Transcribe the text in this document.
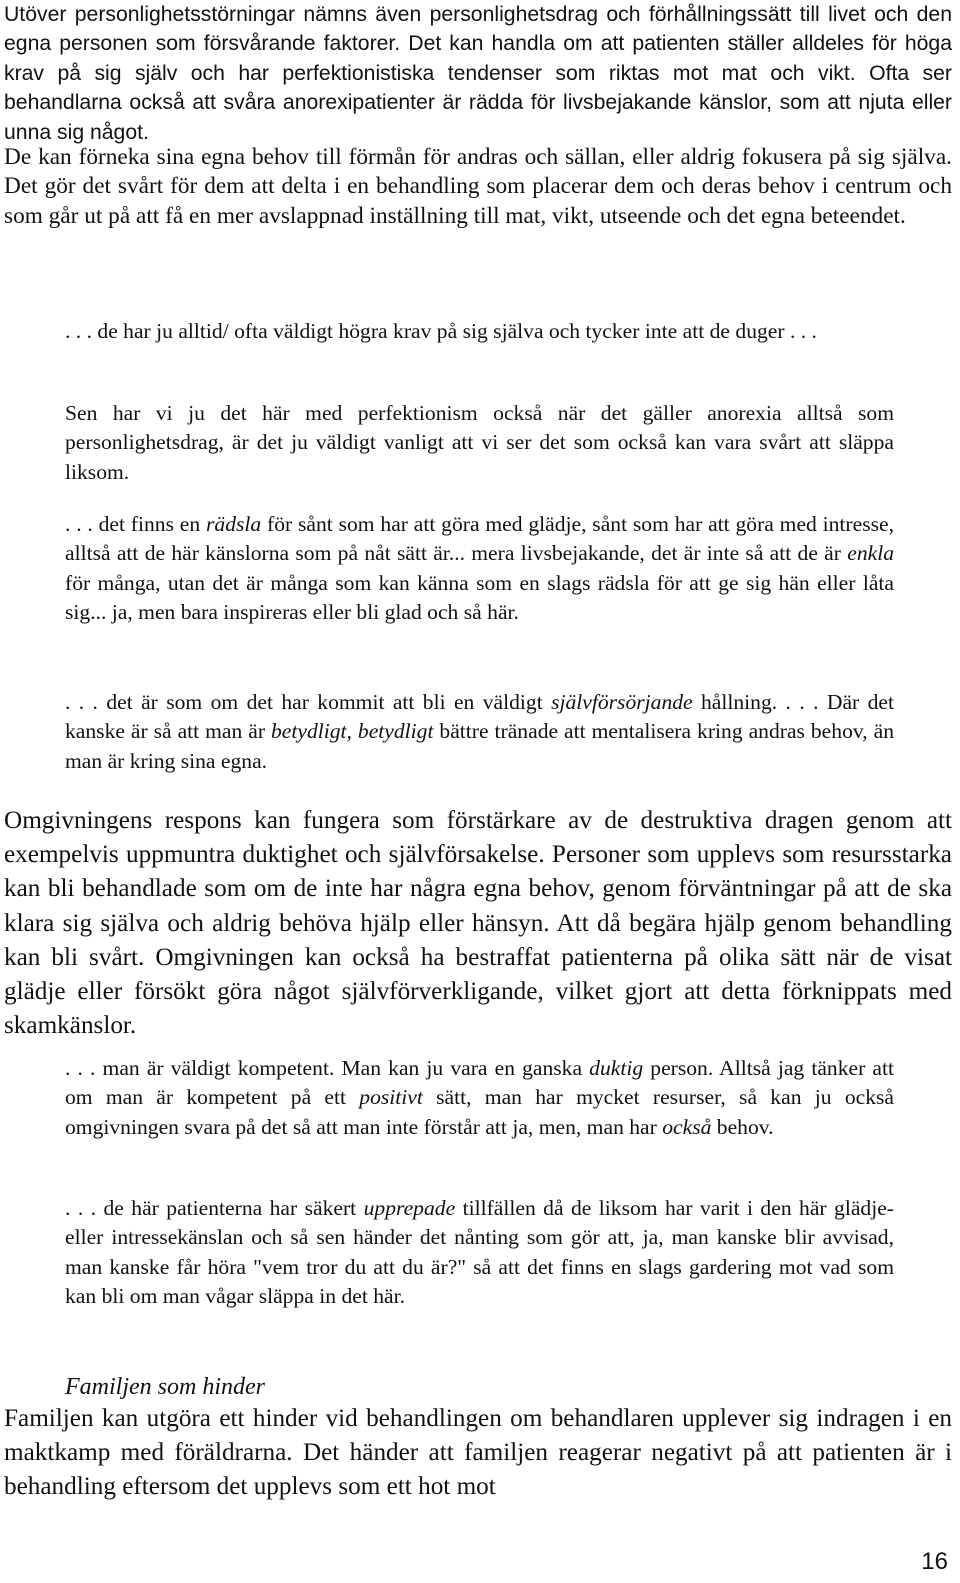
Utöver personlighetsstörningar nämns även personlighetsdrag och förhållningssätt till livet och den egna personen som försvårande faktorer. Det kan handla om att patienten ställer alldeles för höga krav på sig själv och har perfektionistiska tendenser som riktas mot mat och vikt. Ofta ser behandlarna också att svåra anorexipatienter är rädda för livsbejakande känslor, som att njuta eller unna sig något.

De kan förneka sina egna behov till förmån för andras och sällan, eller aldrig fokusera på sig själva. Det gör det svårt för dem att delta i en behandling som placerar dem och deras behov i centrum och som går ut på att få en mer avslappnad inställning till mat, vikt, utseende och det egna beteendet.

. . . de har ju alltid/ ofta väldigt högra krav på sig själva och tycker inte att de duger . . .

Sen har vi ju det här med perfektionism också när det gäller anorexia alltså som personlighetsdrag, är det ju väldigt vanligt att vi ser det som också kan vara svårt att släppa liksom.

. . . det finns en rädsla för sånt som har att göra med glädje, sånt som har att göra med intresse, alltså att de här känslorna som på nåt sätt är... mera livsbejakande, det är inte så att de är enkla för många, utan det är många som kan känna som en slags rädsla för att ge sig hän eller låta sig... ja, men bara inspireras eller bli glad och så här.

. . . det är som om det har kommit att bli en väldigt självförsörjande hållning. . . . Där det kanske är så att man är betydligt, betydligt bättre tränade att mentalisera kring andras behov, än man är kring sina egna.

Omgivningens respons kan fungera som förstärkare av de destruktiva dragen genom att exempelvis uppmuntra duktighet och självförsakelse. Personer som upplevs som resursstarka kan bli behandlade som om de inte har några egna behov, genom förväntningar på att de ska klara sig själva och aldrig behöva hjälp eller hänsyn. Att då begära hjälp genom behandling kan bli svårt. Omgivningen kan också ha bestraffat patienterna på olika sätt när de visat glädje eller försökt göra något självförverkligande, vilket gjort att detta förknippats med skamkänslor.

. . . man är väldigt kompetent. Man kan ju vara en ganska duktig person. Alltså jag tänker att om man är kompetent på ett positivt sätt, man har mycket resurser, så kan ju också omgivningen svara på det så att man inte förstår att ja, men, man har också behov.

. . . de här patienterna har säkert upprepade tillfällen då de liksom har varit i den här glädje- eller intressekänslan och så sen händer det nånting som gör att, ja, man kanske blir avvisad, man kanske får höra "vem tror du att du är?" så att det finns en slags gardering mot vad som kan bli om man vågar släppa in det här.

Familjen som hinder

Familjen kan utgöra ett hinder vid behandlingen om behandlaren upplever sig indragen i en maktkamp med föräldrarna. Det händer att familjen reagerar negativt på att patienten är i behandling eftersom det upplevs som ett hot mot

16
